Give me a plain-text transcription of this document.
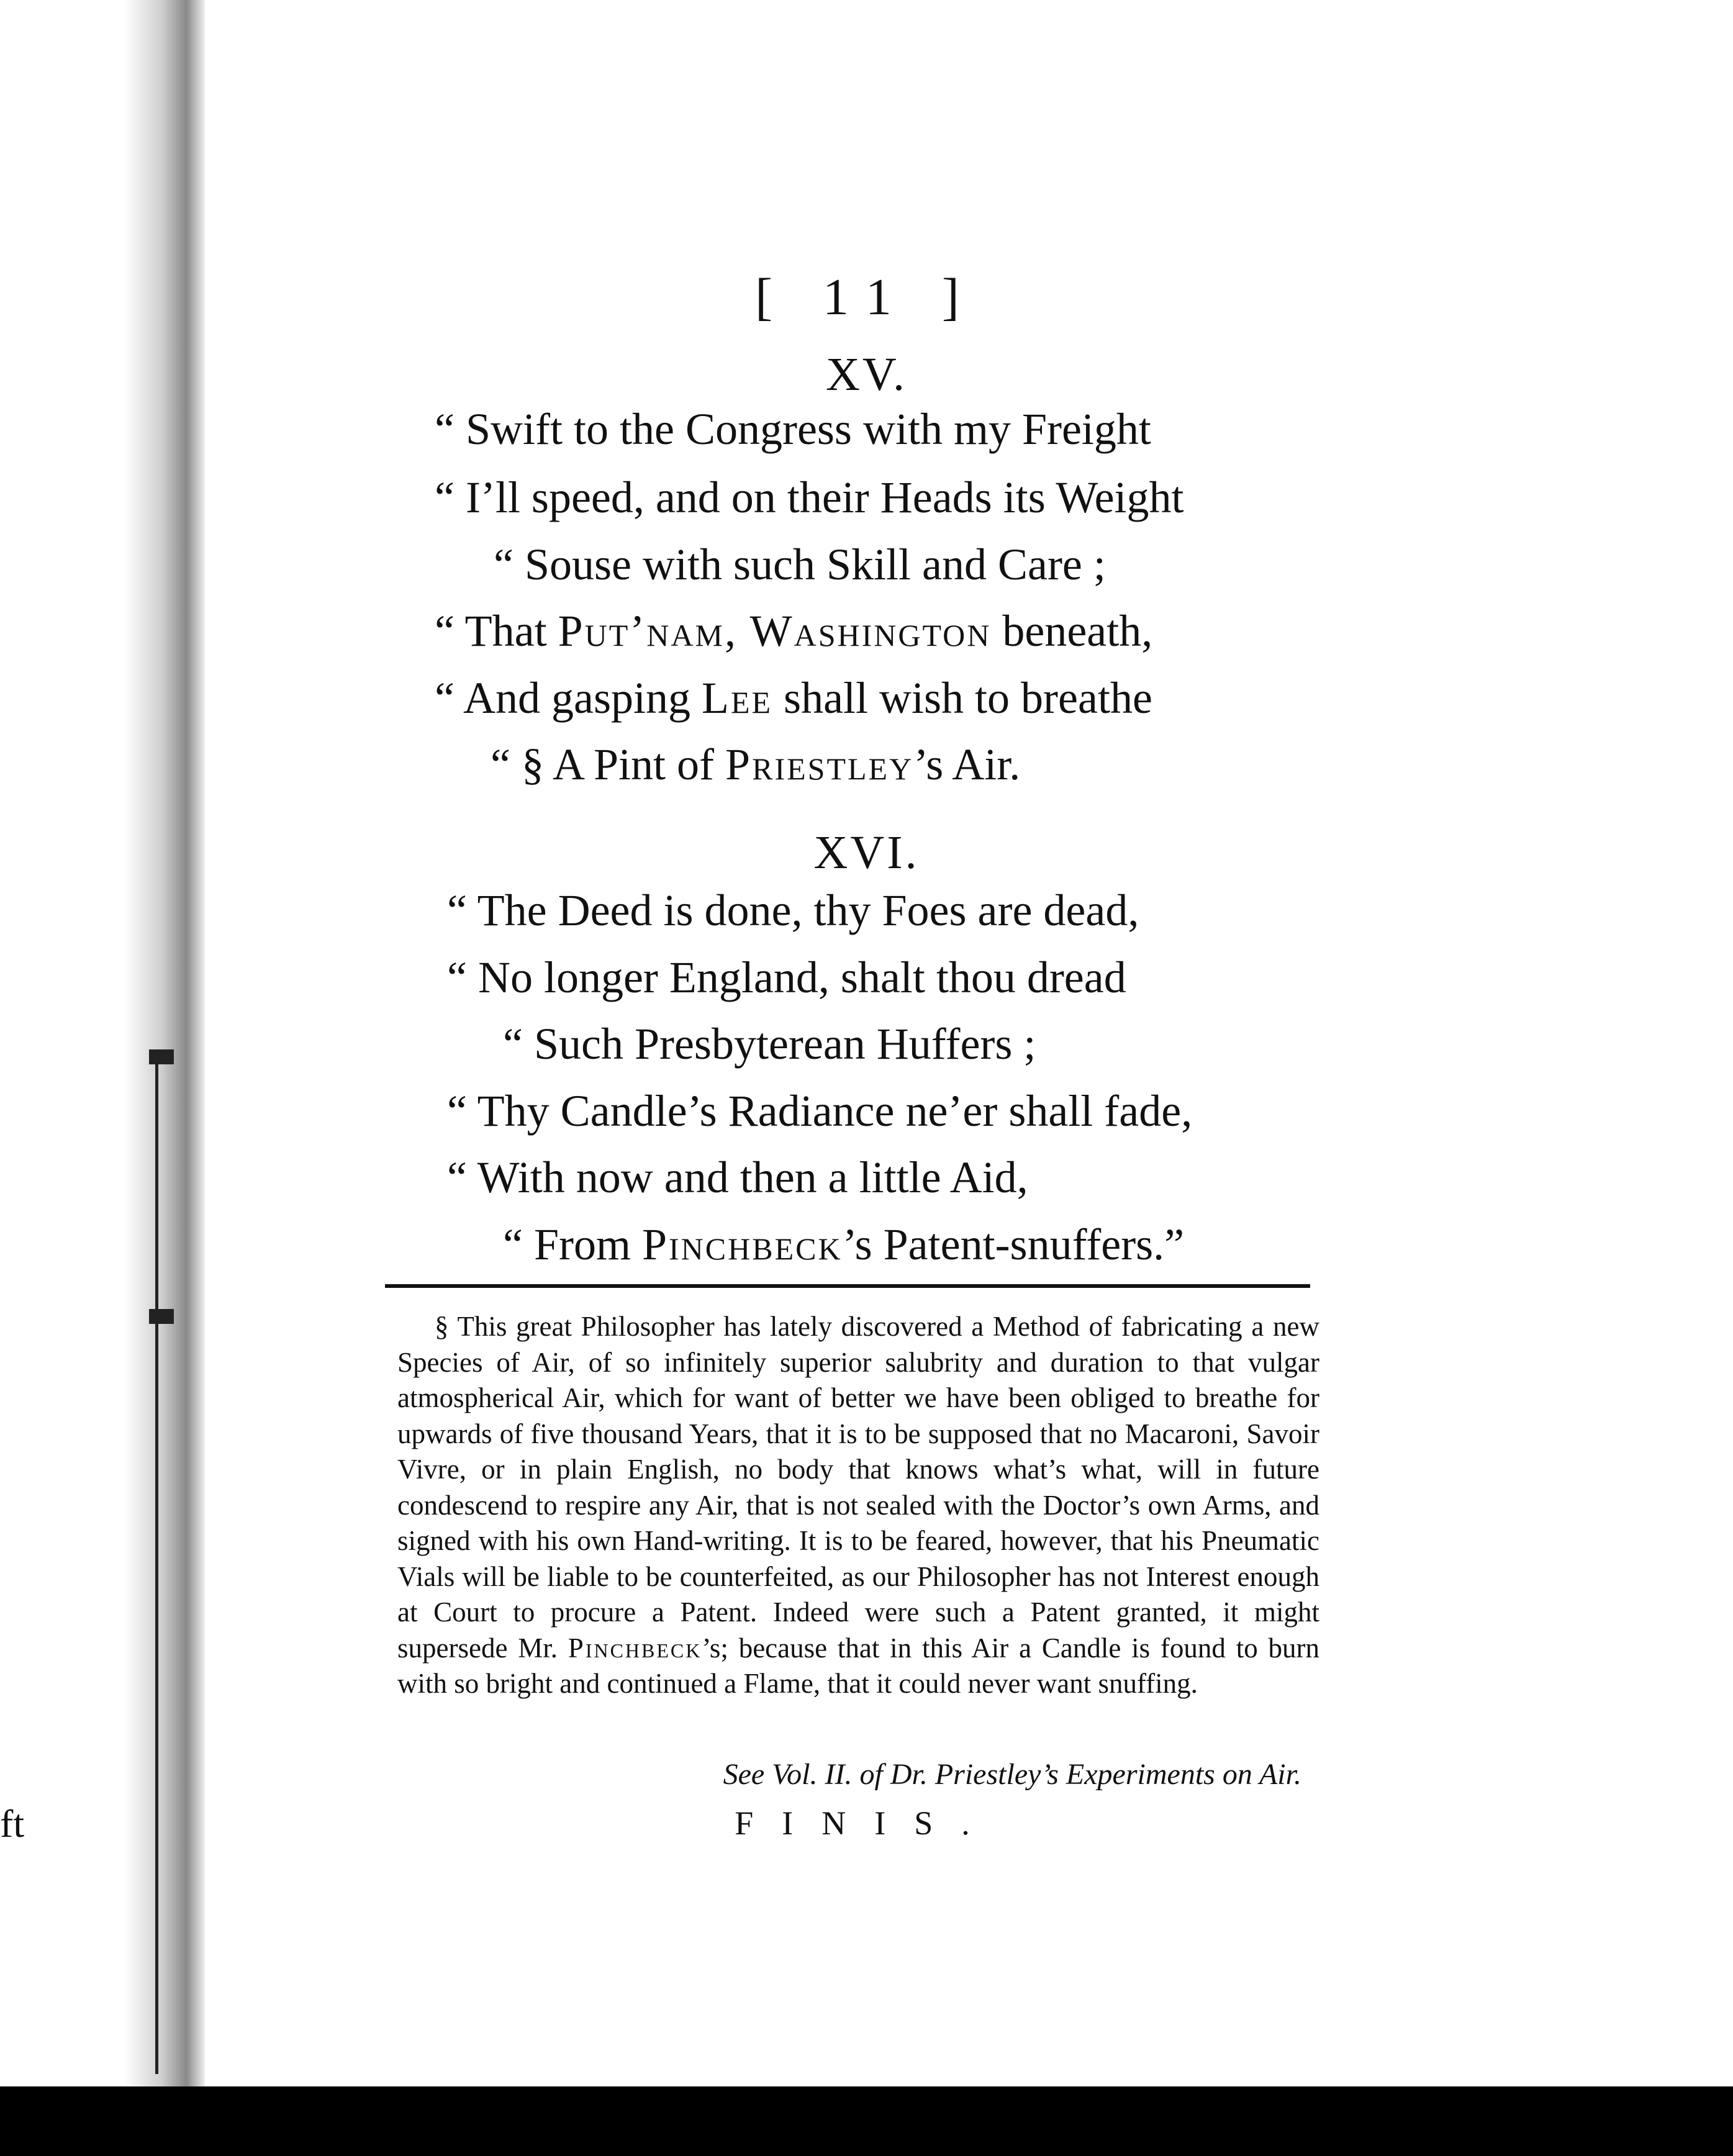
ft
[ 11 ]
XV.
“ Swift to the Congress with my Freight
“ I’ll speed, and on their Heads its Weight
“ Souse with such Skill and Care ;
“ That Put’nam, Washington beneath,
“ And gasping Lee shall wish to breathe
“ § A Pint of Priestley’s Air.
XVI.
“ The Deed is done, thy Foes are dead,
“ No longer England, shalt thou dread
“ Such Presbyterean Huffers ;
“ Thy Candle’s Radiance ne’er shall fade,
“ With now and then a little Aid,
“ From Pinchbeck’s Patent-snuffers.”
§ This great Philosopher has lately discovered a Method of fabricating a new Species of Air, of so infinitely superior salubrity and duration to that vulgar atmospherical Air, which for want of better we have been obliged to breathe for upwards of five thousand Years, that it is to be supposed that no Macaroni, Savoir Vivre, or in plain English, no body that knows what’s what, will in future condescend to respire any Air, that is not sealed with the Doctor’s own Arms, and signed with his own Hand-writing. It is to be feared, however, that his Pneumatic Vials will be liable to be counterfeited, as our Philosopher has not Interest enough at Court to procure a Patent. Indeed were such a Patent granted, it might supersede Mr. Pinchbeck’s; because that in this Air a Candle is found to burn with so bright and continued a Flame, that it could never want snuffing.
See Vol. II. of Dr. Priestley’s Experiments on Air.
FINIS.
